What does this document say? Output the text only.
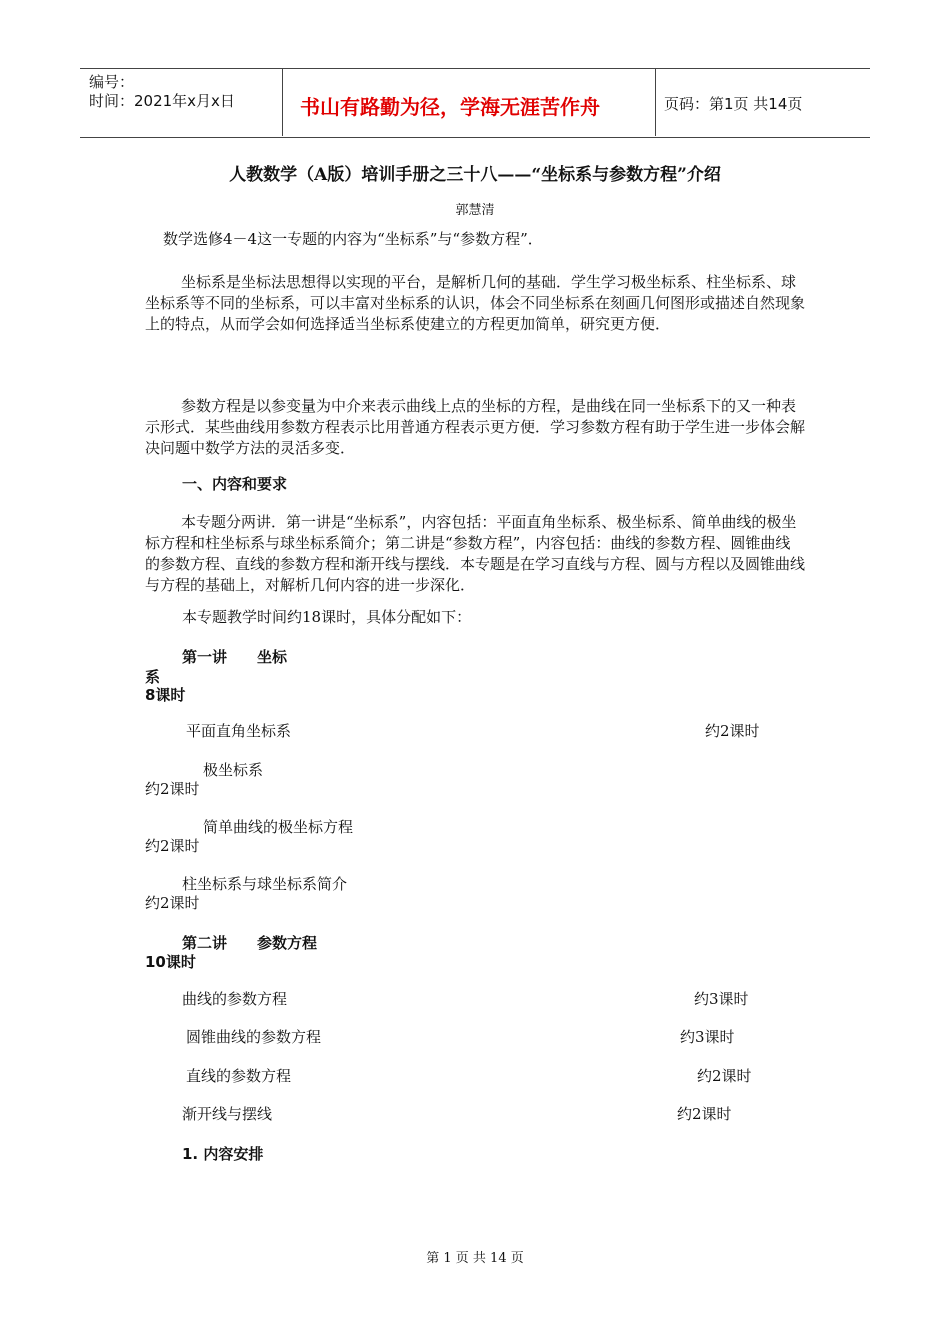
编号：
时间：2021年x月x日	书山有路勤为径，学海无涯苦作舟	页码：第1页 共14页
人教数学（A版）培训手册之三十八——“坐标系与参数方程”介绍
郭慧清
数学选修4－4这一专题的内容为“坐标系”与“参数方程”．
坐标系是坐标法思想得以实现的平台，是解析几何的基础．学生学习极坐标系、柱坐标系、球坐标系等不同的坐标系，可以丰富对坐标系的认识，体会不同坐标系在刻画几何图形或描述自然现象上的特点，从而学会如何选择适当坐标系使建立的方程更加简单，研究更方便．
参数方程是以参变量为中介来表示曲线上点的坐标的方程，是曲线在同一坐标系下的又一种表示形式．某些曲线用参数方程表示比用普通方程表示更方便．学习参数方程有助于学生进一步体会解决问题中数学方法的灵活多变．
一、内容和要求
本专题分两讲．第一讲是“坐标系”，内容包括：平面直角坐标系、极坐标系、简单曲线的极坐标方程和柱坐标系与球坐标系简介；第二讲是“参数方程”，内容包括：曲线的参数方程、圆锥曲线的参数方程、直线的参数方程和渐开线与摆线．本专题是在学习直线与方程、圆与方程以及圆锥曲线与方程的基础上，对解析几何内容的进一步深化．
本专题教学时间约18课时，具体分配如下：
第一讲 坐标
系
8课时
平面直角坐标系	约2课时
极坐标系
约2课时
简单曲线的极坐标方程
约2课时
柱坐标系与球坐标系简介
约2课时
第二讲 参数方程
10课时
曲线的参数方程	约3课时
圆锥曲线的参数方程	约3课时
直线的参数方程	约2课时
渐开线与摆线	约2课时
1. 内容安排
第 1 页 共 14 页
